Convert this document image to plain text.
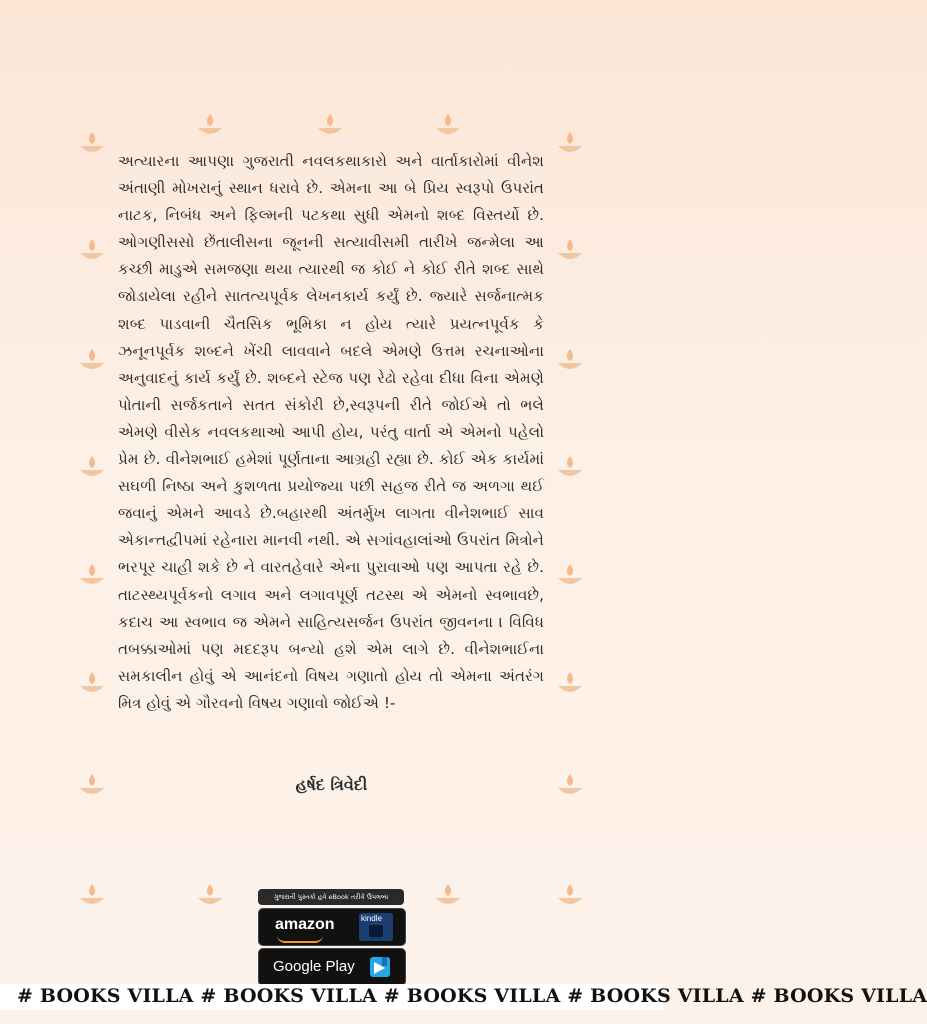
અત્યારના આપણા ગુજરાતી નવલકથાકારો અને વાર્તાકારોમાં વીનેશ અંતાણી મોખરાનું સ્થાન ધરાવે છે. એમના આ બે પ્રિય સ્વરૂપો ઉપરાંત નાટક, નિબંધ અને ફિલ્મની પટકથા સુધી એમનો શબ્દ વિસ્તર્યો છે. ઓગણીસસો છેંતાલીસના જૂનની સત્યાવીસમી તારીખે જન્મેલા આ કચ્છી માડુએ સમજણા થયા ત્યારથી જ કોઈ ને કોઈ રીતે શબ્દ સાથે જોડાયેલા રહીને સાતત્યપૂર્વક લેખનકાર્ય કર્યું છે. જ્યારે સર્જનાત્મક શબ્દ પાડવાની ચૈતસિક ભૂમિકા ન હોય ત્યારે પ્રયત્નપૂર્વક કે ઝનૂનપૂર્વક શબ્દને ખેંચી લાવવાને બદલે એમણે ઉત્તમ રચનાઓના અનુવાદનું કાર્ય કર્યું છે. શબ્દને સ્ટેજ પણ રેઢો રહેવા દીધા વિના એમણે પોતાની સર્જકતાને સતત સંકોરી છે,સ્વરૂપની રીતે જોઈએ તો ભલે એમણે વીસેક નવલકથાઓ આપી હોય, પરંતુ વાર્તા એ એમનો પહેલો પ્રેમ છે. વીનેશભાઈ હમેશાં પૂર્ણતાના આગ્રહી રહ્યા છે. કોઈ એક કાર્યમાં સઘળી નિષ્ઠા અને કુશળતા પ્રયોજ્યા પછી સહજ રીતે જ અળગા થઈ જવાનું એમને આવડે છે.બહારથી અંતર્મુખ લાગતા વીનેશભાઈ સાવ એકાન્તદ્વીપમાં રહેનારા માનવી નથી. એ સગાંવહાલાંઓ ઉપરાંત મિત્રોને ભરપૂર ચાહી શકે છે ને વારતહેવારે એના પુરાવાઓ પણ આપતા રહે છે. તાટસ્થ્યપૂર્વકનો લગાવ અને લગાવપૂર્ણ તટસ્થ એ એમનો સ્વભાવછે, કદાચ આ સ્વભાવ જ એમને સાહિત્યસર્જન ઉપરાંત જીવનના । વિવિધ તબક્કાઓમાં પણ મદદરૂપ બન્યો હશે એમ લાગે છે. વીનેશભાઈના સમકાલીન હોવું એ આનંદનો વિષય ગણાતો હોય તો એમના અંતરંગ મિત્ર હોવું એ ગૌરવનો વિષય ગણાવો જોઈએ !-
હર્ષદ ત્રિવેદી
ગુજરાતી પુસ્તકો હવે eBook તરીકે ઉપલબ્ધ
amazon	kindle
Google Play
# BOOKS VILLA # BOOKS VILLA # BOOKS VILLA # BOOKS VILLA # BOOKS VILLA
